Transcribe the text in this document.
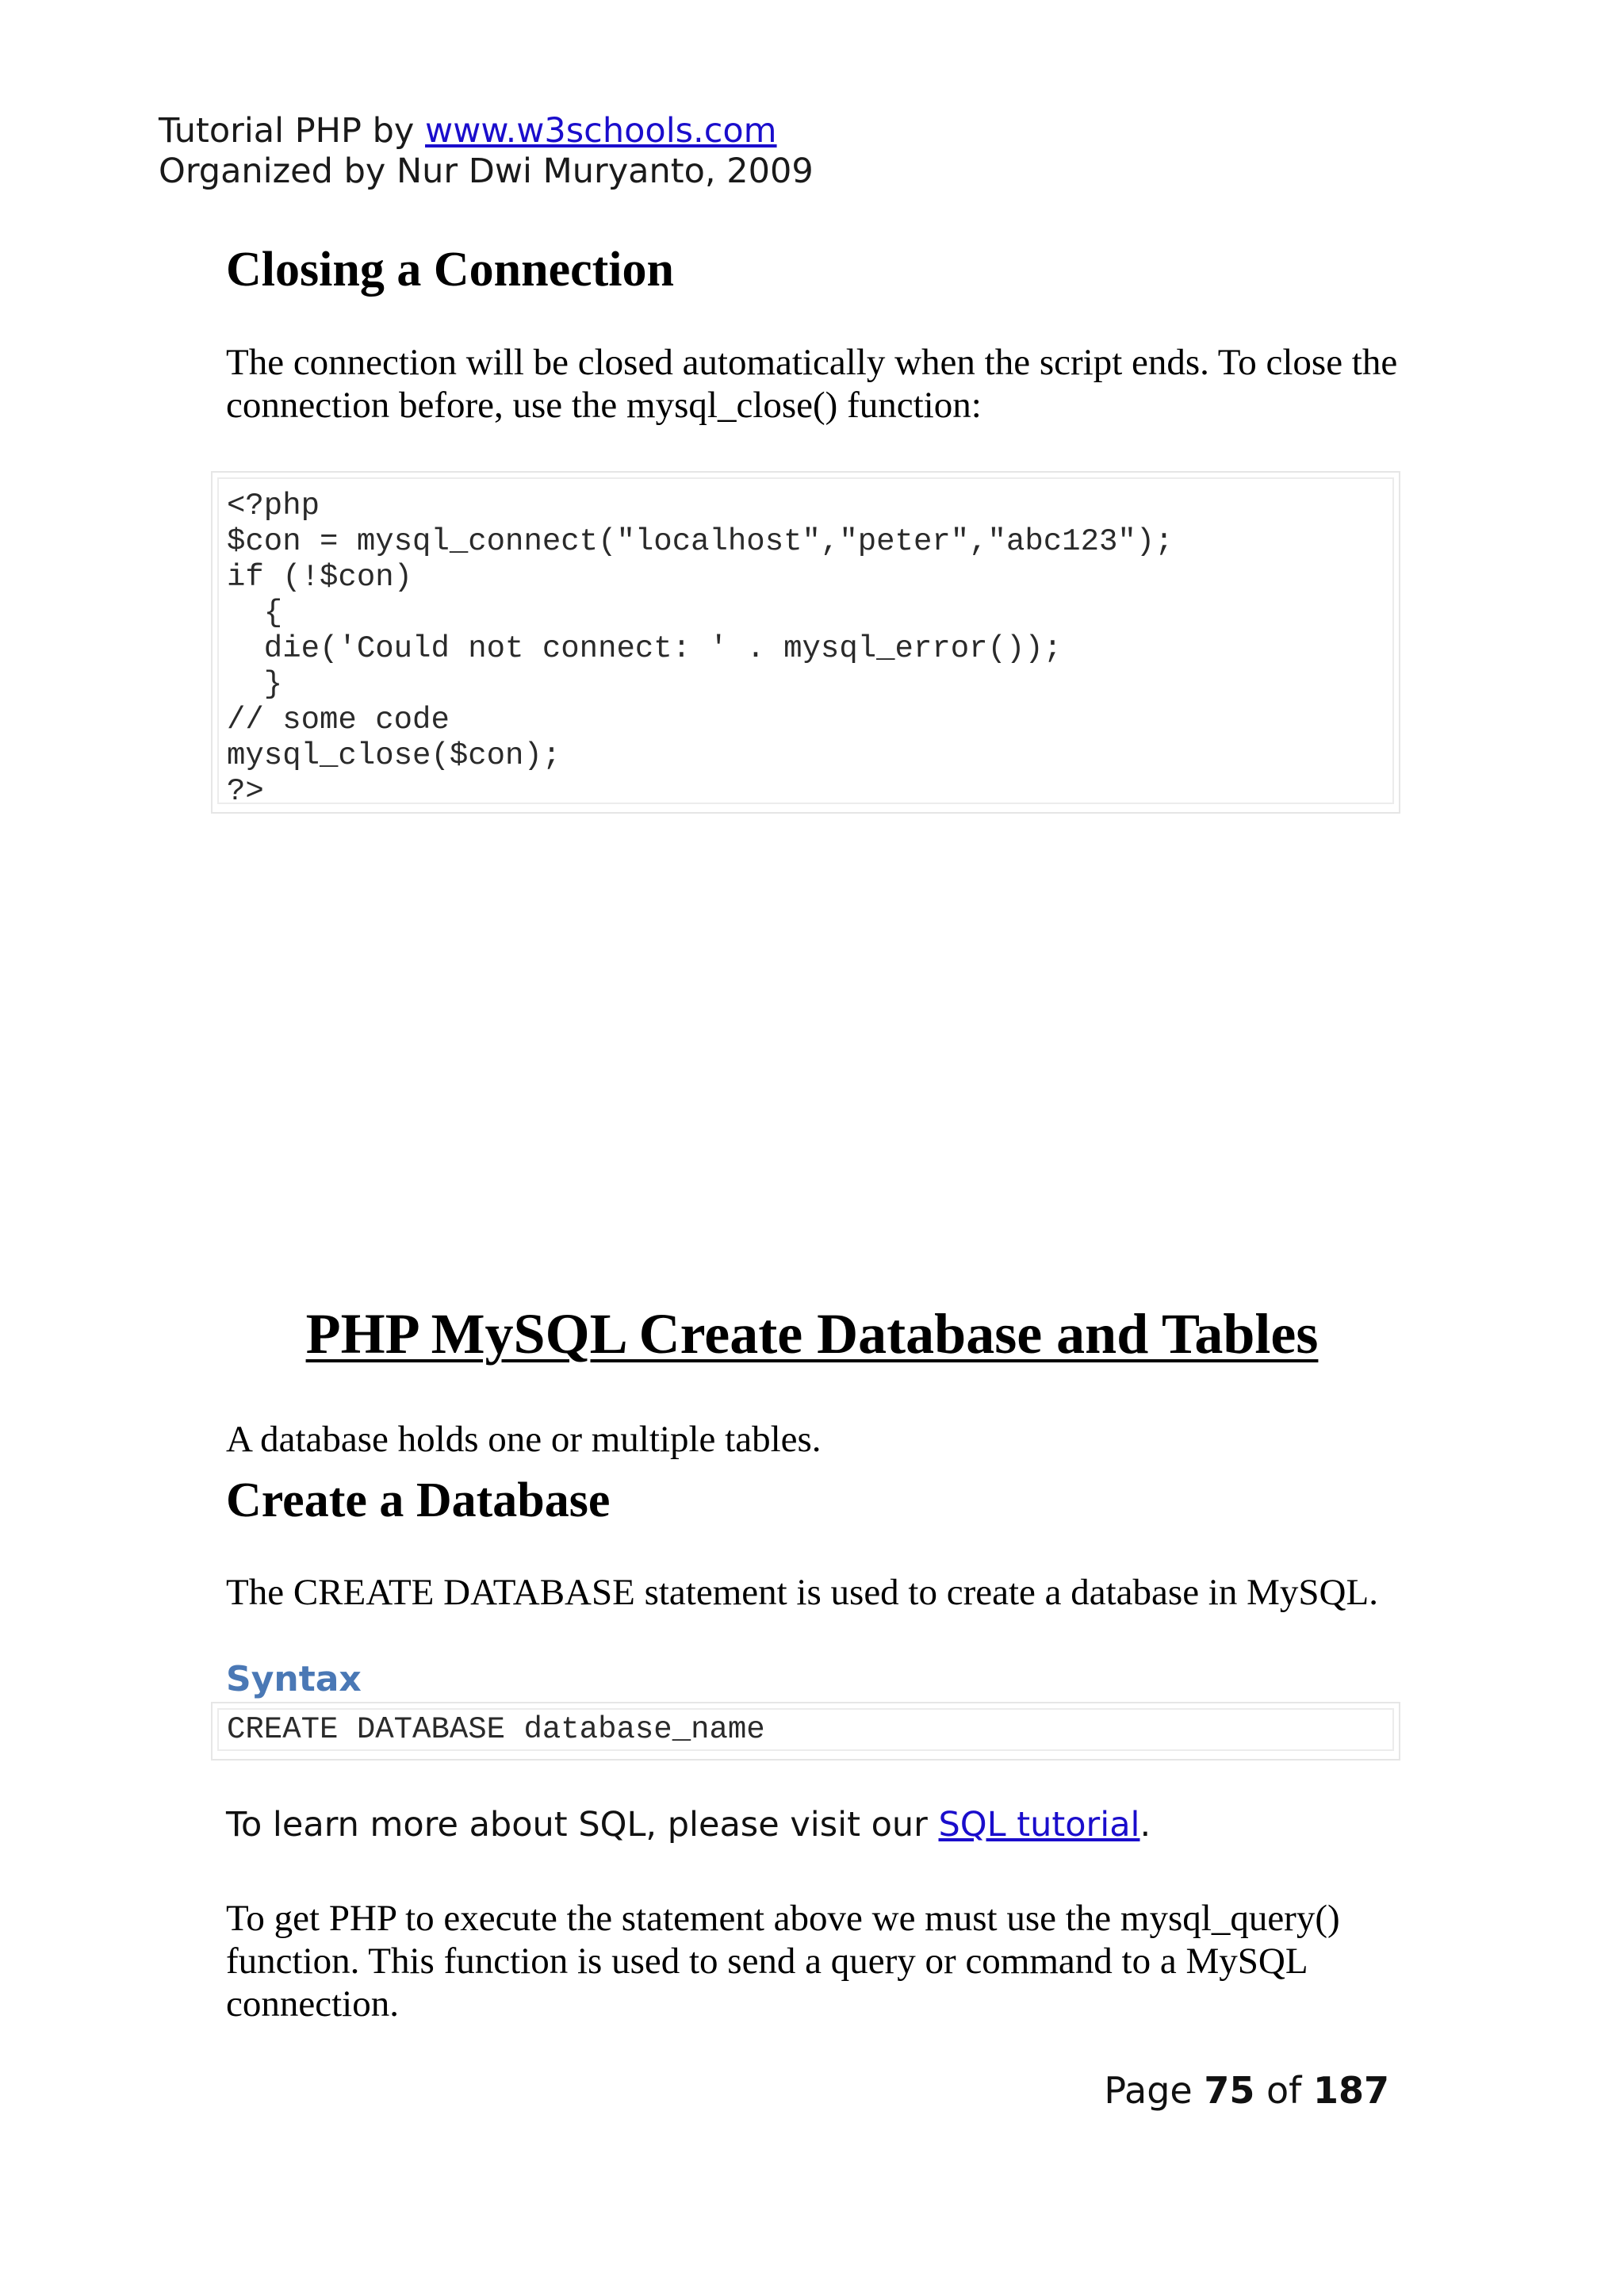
Tutorial PHP by www.w3schools.com
Organized by Nur Dwi Muryanto, 2009
Closing a Connection
The connection will be closed automatically when the script ends. To close the connection before, use the mysql_close() function:
<?php
$con = mysql_connect("localhost","peter","abc123");
if (!$con)
{
die('Could not connect: ' . mysql_error());
}
// some code
mysql_close($con);
?>
PHP MySQL Create Database and Tables
A database holds one or multiple tables.
Create a Database
The CREATE DATABASE statement is used to create a database in MySQL.
Syntax
CREATE DATABASE database_name
To learn more about SQL, please visit our SQL tutorial.
To get PHP to execute the statement above we must use the mysql_query() function. This function is used to send a query or command to a MySQL connection.
Page 75 of 187
